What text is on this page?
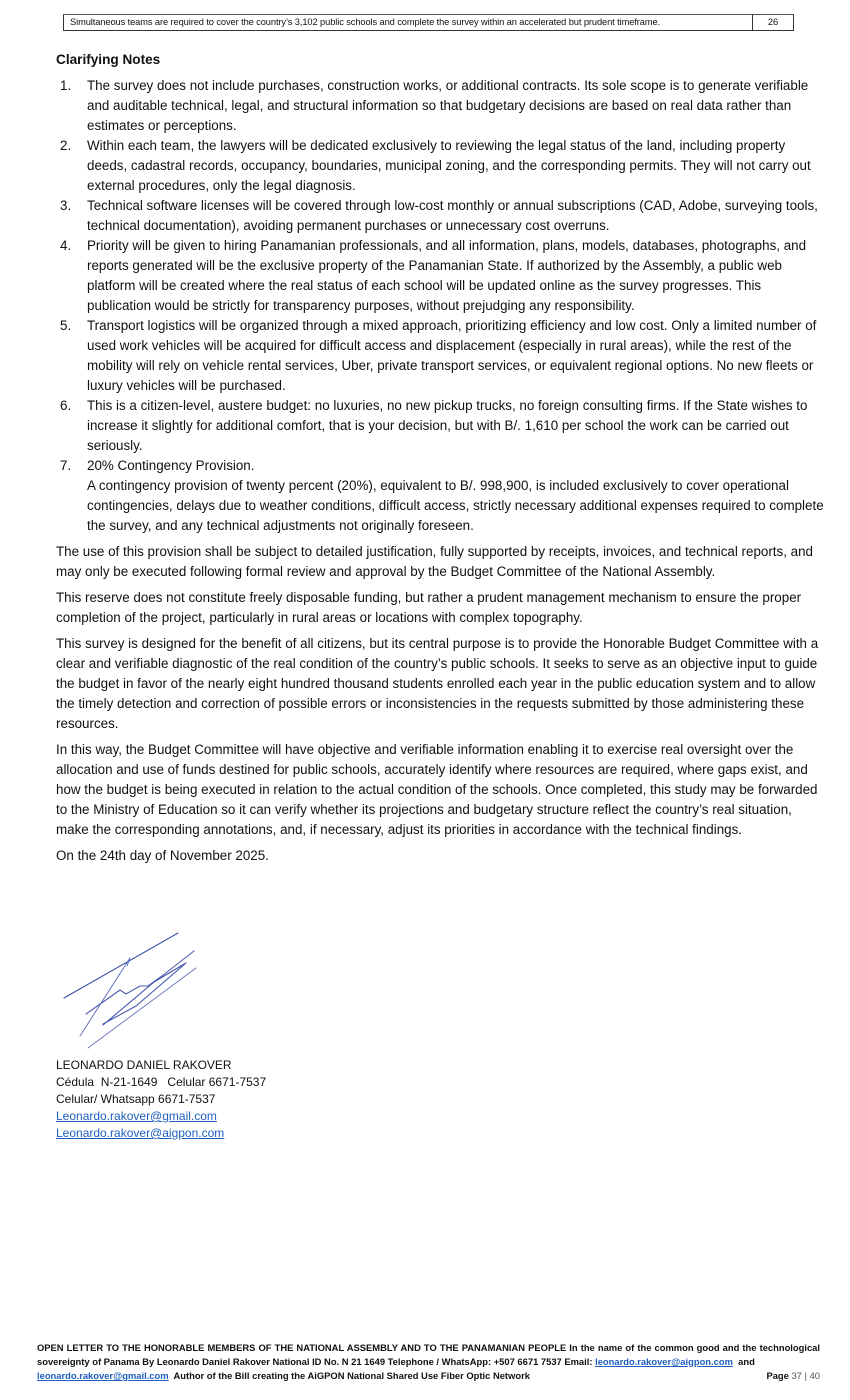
Simultaneous teams are required to cover the country’s 3,102 public schools and complete the survey within an accelerated but prudent timeframe.	26
Clarifying Notes
1. The survey does not include purchases, construction works, or additional contracts. Its sole scope is to generate verifiable and auditable technical, legal, and structural information so that budgetary decisions are based on real data rather than estimates or perceptions.
2. Within each team, the lawyers will be dedicated exclusively to reviewing the legal status of the land, including property deeds, cadastral records, occupancy, boundaries, municipal zoning, and the corresponding permits. They will not carry out external procedures, only the legal diagnosis.
3. Technical software licenses will be covered through low-cost monthly or annual subscriptions (CAD, Adobe, surveying tools, technical documentation), avoiding permanent purchases or unnecessary cost overruns.
4. Priority will be given to hiring Panamanian professionals, and all information, plans, models, databases, photographs, and reports generated will be the exclusive property of the Panamanian State. If authorized by the Assembly, a public web platform will be created where the real status of each school will be updated online as the survey progresses. This publication would be strictly for transparency purposes, without prejudging any responsibility.
5. Transport logistics will be organized through a mixed approach, prioritizing efficiency and low cost. Only a limited number of used work vehicles will be acquired for difficult access and displacement (especially in rural areas), while the rest of the mobility will rely on vehicle rental services, Uber, private transport services, or equivalent regional options. No new fleets or luxury vehicles will be purchased.
6. This is a citizen-level, austere budget: no luxuries, no new pickup trucks, no foreign consulting firms. If the State wishes to increase it slightly for additional comfort, that is your decision, but with B/. 1,610 per school the work can be carried out seriously.
7. 20% Contingency Provision.
A contingency provision of twenty percent (20%), equivalent to B/. 998,900, is included exclusively to cover operational contingencies, delays due to weather conditions, difficult access, strictly necessary additional expenses required to complete the survey, and any technical adjustments not originally foreseen.

The use of this provision shall be subject to detailed justification, fully supported by receipts, invoices, and technical reports, and may only be executed following formal review and approval by the Budget Committee of the National Assembly.

This reserve does not constitute freely disposable funding, but rather a prudent management mechanism to ensure the proper completion of the project, particularly in rural areas or locations with complex topography.

This survey is designed for the benefit of all citizens, but its central purpose is to provide the Honorable Budget Committee with a clear and verifiable diagnostic of the real condition of the country’s public schools. It seeks to serve as an objective input to guide the budget in favor of the nearly eight hundred thousand students enrolled each year in the public education system and to allow the timely detection and correction of possible errors or inconsistencies in the requests submitted by those administering these resources.

In this way, the Budget Committee will have objective and verifiable information enabling it to exercise real oversight over the allocation and use of funds destined for public schools, accurately identify where resources are required, where gaps exist, and how the budget is being executed in relation to the actual condition of the schools. Once completed, this study may be forwarded to the Ministry of Education so it can verify whether its projections and budgetary structure reflect the country’s real situation, make the corresponding annotations, and, if necessary, adjust its priorities in accordance with the technical findings.

On the 24th day of November 2025.

LEONARDO DANIEL RAKOVER
Cédula  N-21-1649   Celular 6671-7537
Celular/ Whatsapp 6671-7537
Leonardo.rakover@gmail.com
Leonardo.rakover@aigpon.com
OPEN LETTER TO THE HONORABLE MEMBERS OF THE NATIONAL ASSEMBLY AND TO THE PANAMANIAN PEOPLE In the name of the common good and the technological sovereignty of Panama By Leonardo Daniel Rakover National ID No. N 21 1649 Telephone / WhatsApp: +507 6671 7537 Email: leonardo.rakover@aigpon.com and
leonardo.rakover@gmail.com Author of the Bill creating the AiGPON National Shared Use Fiber Optic Network	Page 37 | 40
